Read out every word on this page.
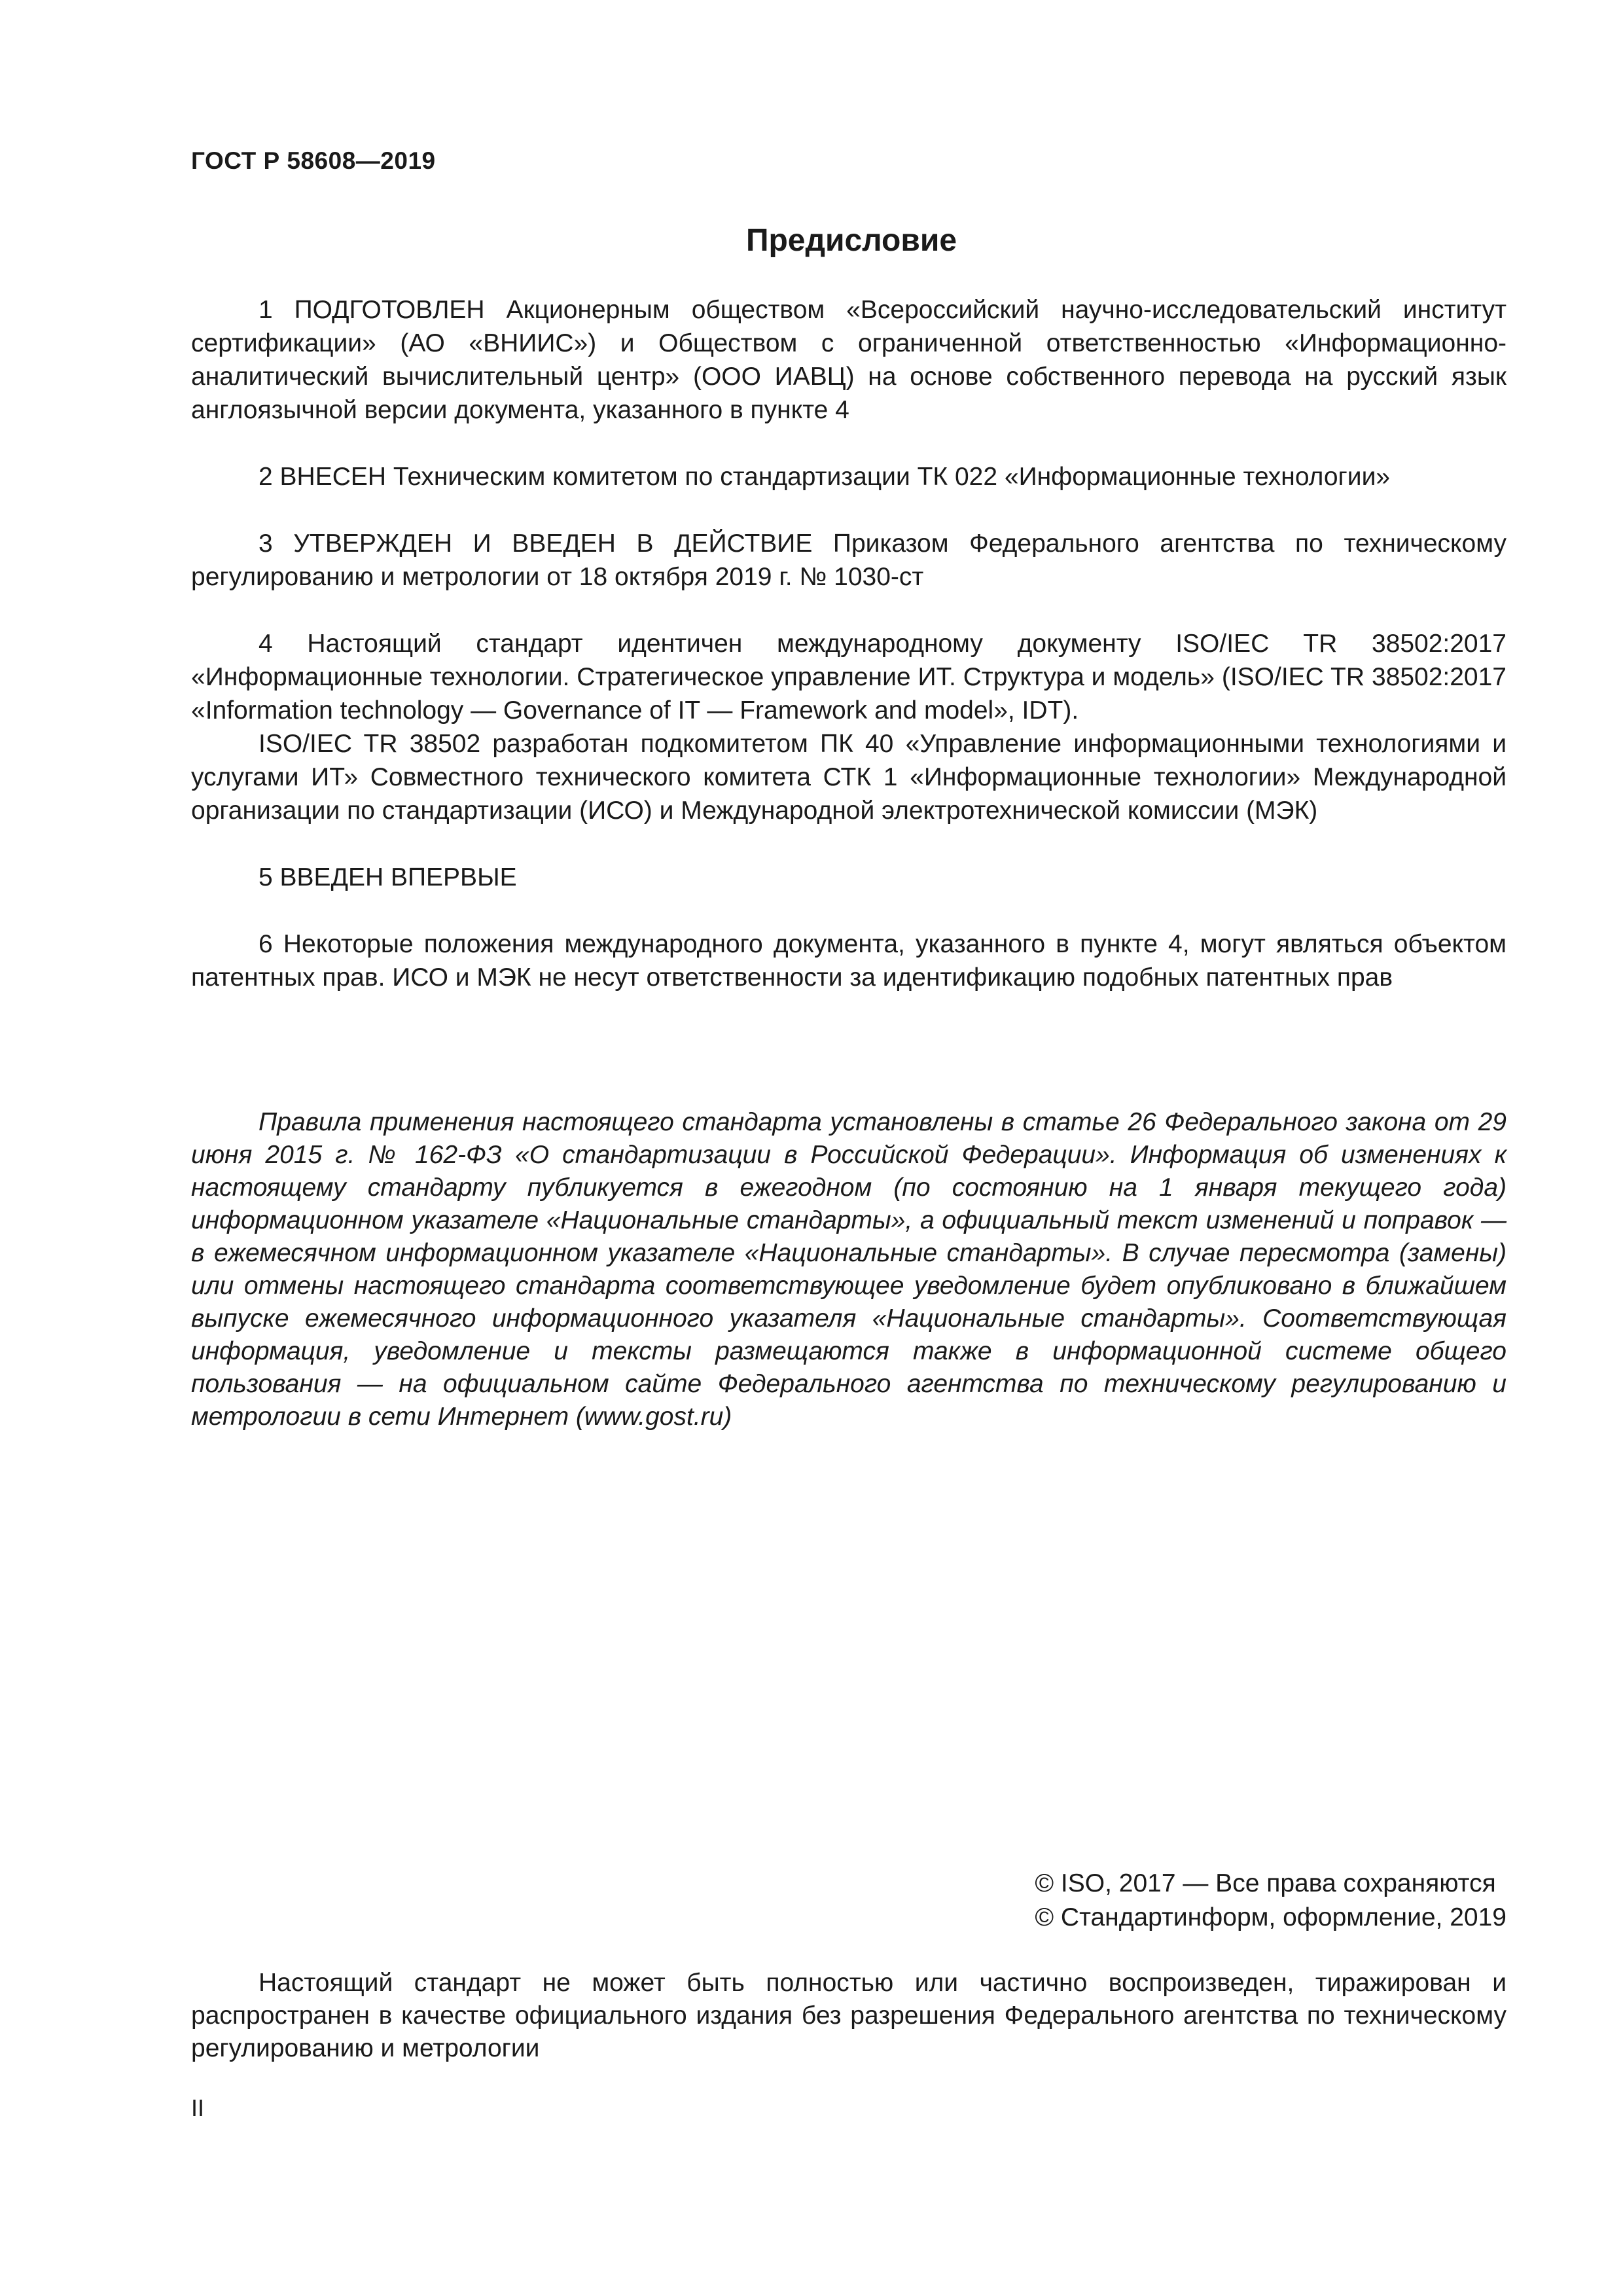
ГОСТ Р 58608—2019
Предисловие

1 ПОДГОТОВЛЕН Акционерным обществом «Всероссийский научно-исследовательский институт сертификации» (АО «ВНИИС») и Обществом с ограниченной ответственностью «Информационно-аналитический вычислительный центр» (ООО ИАВЦ) на основе собственного перевода на русский язык англоязычной версии документа, указанного в пункте 4

2 ВНЕСЕН Техническим комитетом по стандартизации ТК 022 «Информационные технологии»

3 УТВЕРЖДЕН И ВВЕДЕН В ДЕЙСТВИЕ Приказом Федерального агентства по техническому регулированию и метрологии от 18 октября 2019 г. № 1030-ст

4 Настоящий стандарт идентичен международному документу ISO/IEC TR 38502:2017 «Информационные технологии. Стратегическое управление ИТ. Структура и модель» (ISO/IEC TR 38502:2017 «Information technology — Governance of IT — Framework and model», IDT).

ISO/IEC TR 38502 разработан подкомитетом ПК 40 «Управление информационными технологиями и услугами ИТ» Совместного технического комитета СТК 1 «Информационные технологии» Международной организации по стандартизации (ИСО) и Международной электротехнической комиссии (МЭК)

5 ВВЕДЕН ВПЕРВЫЕ

6 Некоторые положения международного документа, указанного в пункте 4, могут являться объектом патентных прав. ИСО и МЭК не несут ответственности за идентификацию подобных патентных прав

Правила применения настоящего стандарта установлены в статье 26 Федерального закона от 29 июня 2015 г. № 162-ФЗ «О стандартизации в Российской Федерации». Информация об изменениях к настоящему стандарту публикуется в ежегодном (по состоянию на 1 января текущего года) информационном указателе «Национальные стандарты», а официальный текст изменений и поправок — в ежемесячном информационном указателе «Национальные стандарты». В случае пересмотра (замены) или отмены настоящего стандарта соответствующее уведомление будет опубликовано в ближайшем выпуске ежемесячного информационного указателя «Национальные стандарты». Соответствующая информация, уведомление и тексты размещаются также в информационной системе общего пользования — на официальном сайте Федерального агентства по техническому регулированию и метрологии в сети Интернет (www.gost.ru)

© ISO, 2017 — Все права сохраняются
© Стандартинформ, оформление, 2019

Настоящий стандарт не может быть полностью или частично воспроизведен, тиражирован и распространен в качестве официального издания без разрешения Федерального агентства по техническому регулированию и метрологии

II
